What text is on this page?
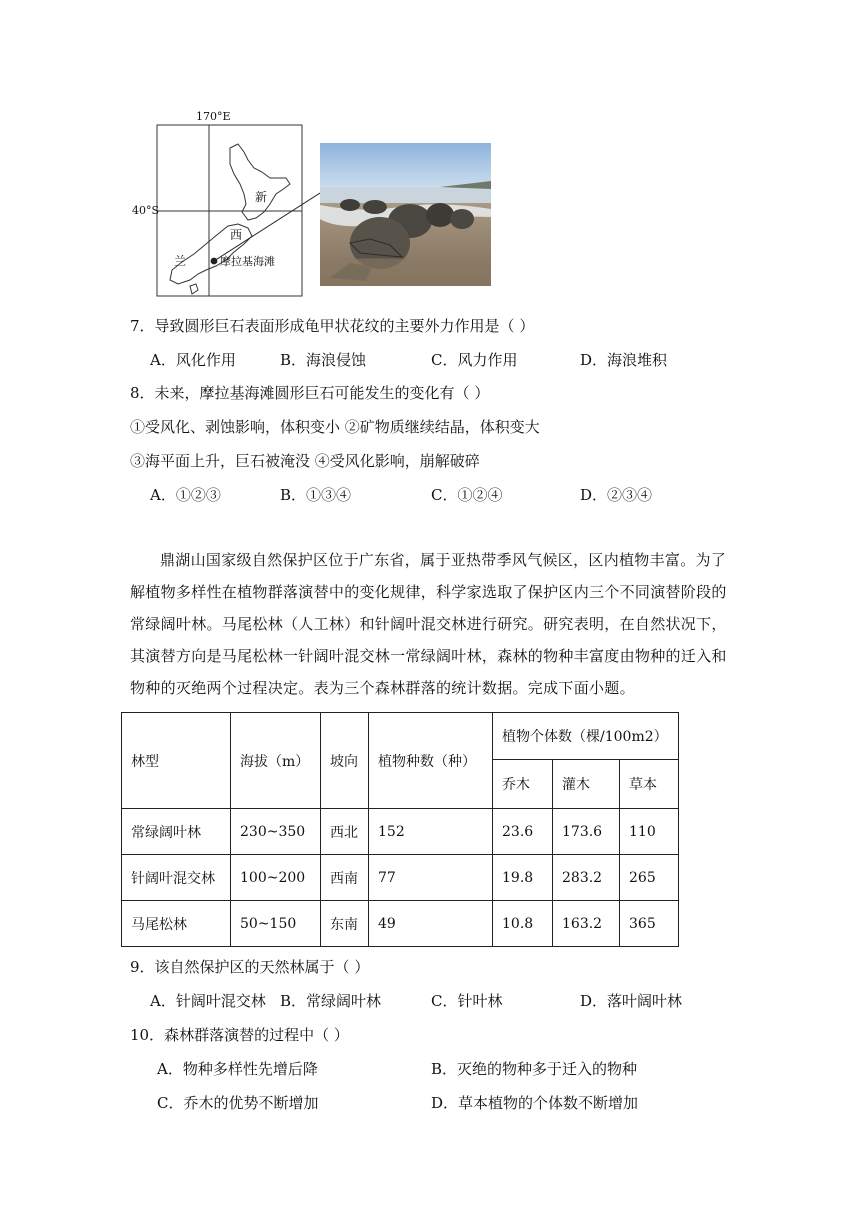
170°E
40°S
新
西
兰	摩拉基海滩
7．导致圆形巨石表面形成龟甲状花纹的主要外力作用是（ ）
A．风化作用	B．海浪侵蚀	C．风力作用	D．海浪堆积
8．未来，摩拉基海滩圆形巨石可能发生的变化有（ ）
①受风化、剥蚀影响，体积变小 ②矿物质继续结晶，体积变大
③海平面上升，巨石被淹没 ④受风化影响，崩解破碎
A．①②③	B．①③④	C．①②④	D．②③④

鼎湖山国家级自然保护区位于广东省，属于亚热带季风气候区，区内植物丰富。为了解植物多样性在植物群落演替中的变化规律，科学家选取了保护区内三个不同演替阶段的常绿阔叶林。马尾松林（人工林）和针阔叶混交林进行研究。研究表明，在自然状况下，其演替方向是马尾松林一针阔叶混交林一常绿阔叶林，森林的物种丰富度由物种的迁入和物种的灭绝两个过程决定。表为三个森林群落的统计数据。完成下面小题。

林型	海拔（m）	坡向	植物种数（种）	植物个体数（棵/100m2）		
				乔木	灌木	草本
常绿阔叶林	230~350	西北	152	23.6	173.6	110
针阔叶混交林	100~200	西南	77	19.8	283.2	265
马尾松林	50~150	东南	49	10.8	163.2	365
9．该自然保护区的天然林属于（ ）
A．针阔叶混交林 B．常绿阔叶林	C．针叶林	D．落叶阔叶林
10．森林群落演替的过程中（ ）
A．物种多样性先增后降	B．灭绝的物种多于迁入的物种
C．乔木的优势不断增加	D．草本植物的个体数不断增加
